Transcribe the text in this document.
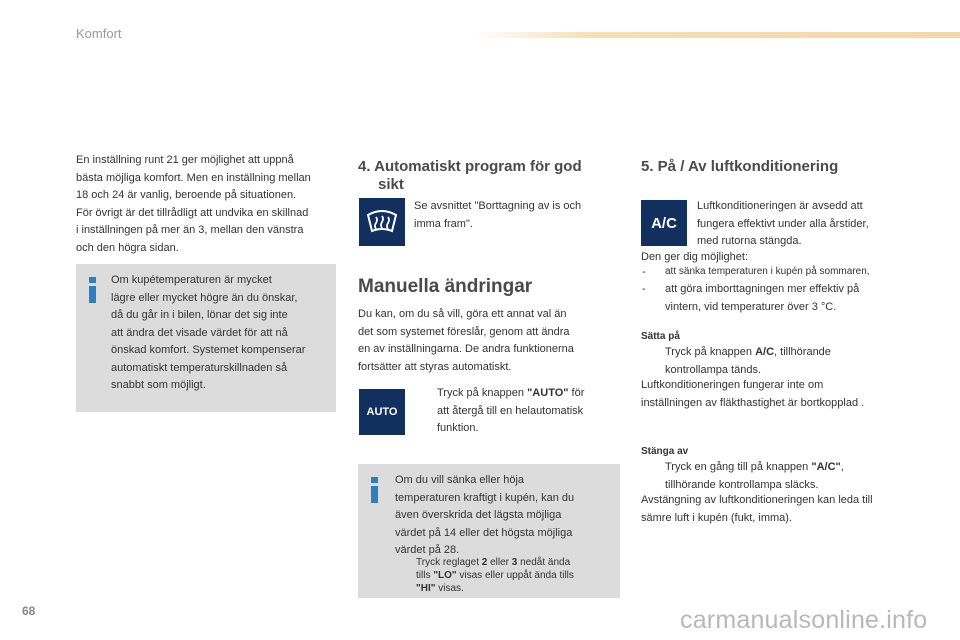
Komfort
En inställning runt 21 ger möjlighet att uppnå
bästa möjliga komfort. Men en inställning mellan
18 och 24 är vanlig, beroende på situationen.
För övrigt är det tillrådligt att undvika en skillnad
i inställningen på mer än 3, mellan den vänstra
och den högra sidan.
Om kupétemperaturen är mycket
lägre eller mycket högre än du önskar,
då du går in i bilen, lönar det sig inte
att ändra det visade värdet för att nå
önskad komfort. Systemet kompenserar
automatiskt temperaturskillnaden så
snabbt som möjligt.
4. Automatiskt program för god
sikt
Se avsnittet "Borttagning av is och
imma fram".
Manuella ändringar
Du kan, om du så vill, göra ett annat val än
det som systemet föreslår, genom att ändra
en av inställningarna. De andra funktionerna
fortsätter att styras automatiskt.
AUTO
Tryck på knappen "AUTO" för
att återgå till en helautomatisk
funktion.
Om du vill sänka eller höja
temperaturen kraftigt i kupén, kan du
även överskrida det lägsta möjliga
värdet på 14 eller det högsta möjliga
värdet på 28.
Tryck reglaget 2 eller 3 nedåt ända
tills "LO" visas eller uppåt ända tills
"HI" visas.
5. På / Av luftkonditionering
A/C
Luftkonditioneringen är avsedd att
fungera effektivt under alla årstider,
med rutorna stängda.
Den ger dig möjlighet:
- att sänka temperaturen i kupén på sommaren,
- att göra imborttagningen mer effektiv på
vintern, vid temperaturer över 3 °C.
Sätta på
Tryck på knappen A/C, tillhörande
kontrollampa tänds.
Luftkonditioneringen fungerar inte om
inställningen av fläkthastighet är bortkopplad .
Stänga av
Tryck en gång till på knappen "A/C",
tillhörande kontrollampa släcks.
Avstängning av luftkonditioneringen kan leda till
sämre luft i kupén (fukt, imma).
68	carmanualsonline.info
